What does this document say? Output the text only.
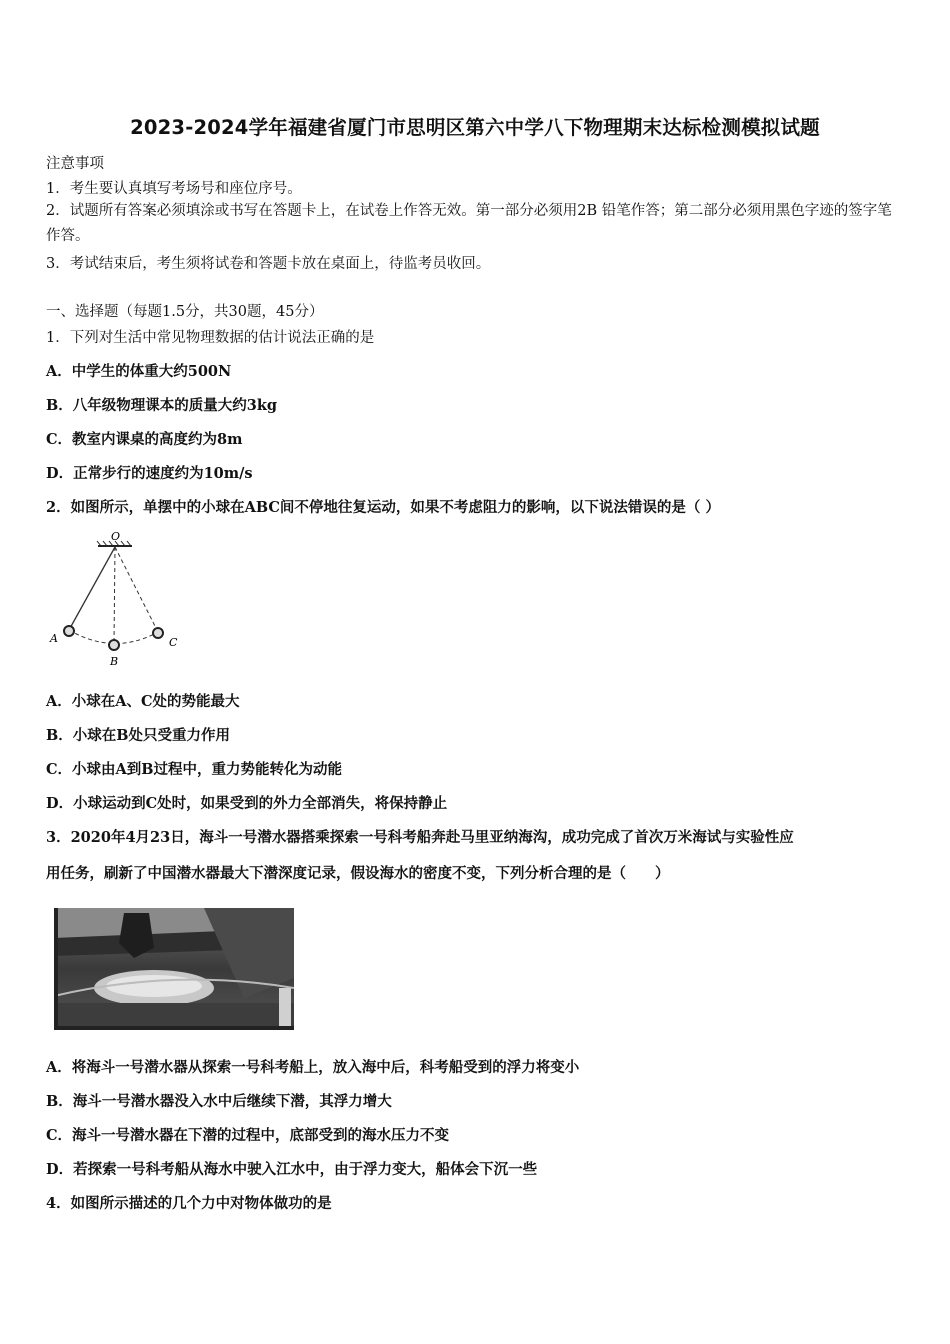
2023-2024学年福建省厦门市思明区第六中学八下物理期末达标检测模拟试题
注意事项
1．考生要认真填写考场号和座位序号。
2．试题所有答案必须填涂或书写在答题卡上，在试卷上作答无效。第一部分必须用2B 铅笔作答；第二部分必须用黑色字迹的签字笔作答。
3．考试结束后，考生须将试卷和答题卡放在桌面上，待监考员收回。
一、选择题（每题1.5分，共30题，45分）
1．下列对生活中常见物理数据的估计说法正确的是
A．中学生的体重大约500N
B．八年级物理课本的质量大约3kg
C．教室内课桌的高度约为8m
D．正常步行的速度约为10m/s
2．如图所示，单摆中的小球在ABC间不停地往复运动，如果不考虑阻力的影响，以下说法错误的是（ ）
O
A
B
C
A．小球在A、C处的势能最大
B．小球在B处只受重力作用
C．小球由A到B过程中，重力势能转化为动能
D．小球运动到C处时，如果受到的外力全部消失，将保持静止
3．2020年4月23日，海斗一号潜水器搭乘探索一号科考船奔赴马里亚纳海沟，成功完成了首次万米海试与实验性应
用任务，刷新了中国潜水器最大下潜深度记录，假设海水的密度不变，下列分析合理的是（　　）
A．将海斗一号潜水器从探索一号科考船上，放入海中后，科考船受到的浮力将变小
B．海斗一号潜水器没入水中后继续下潜，其浮力增大
C．海斗一号潜水器在下潜的过程中，底部受到的海水压力不变
D．若探索一号科考船从海水中驶入江水中，由于浮力变大，船体会下沉一些
4．如图所示描述的几个力中对物体做功的是
